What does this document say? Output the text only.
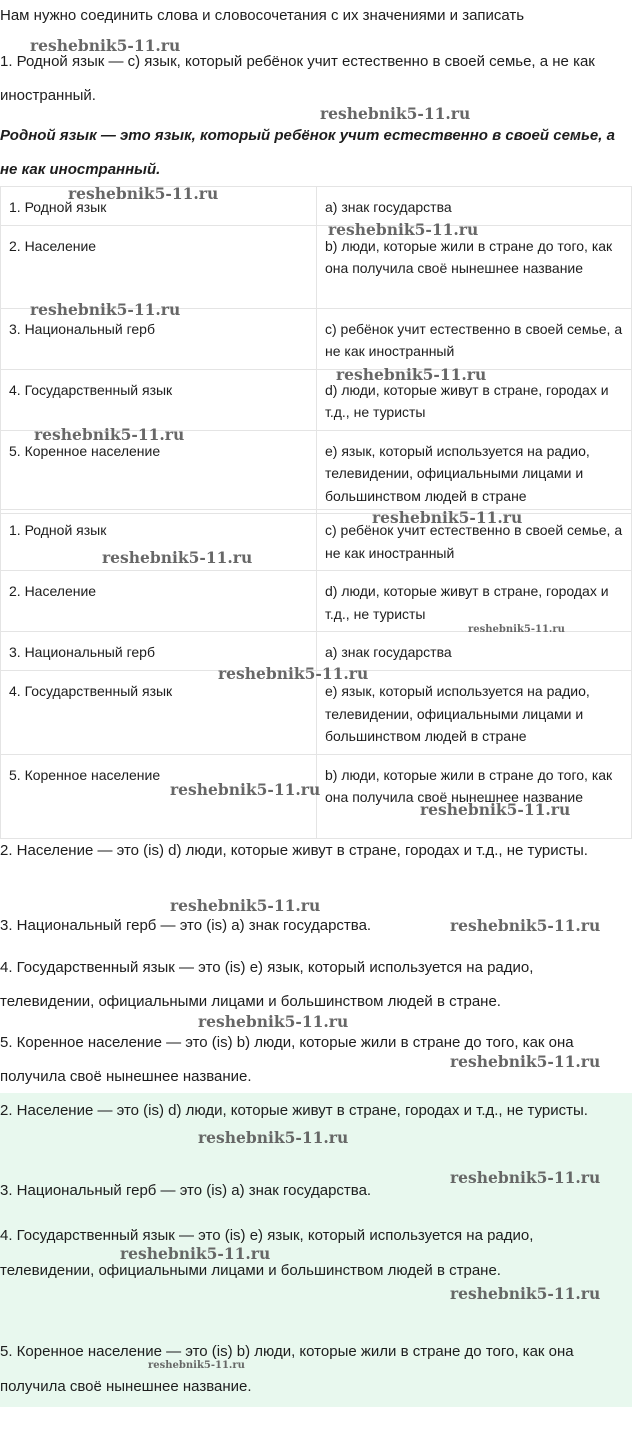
Нам нужно соединить слова и словосочетания с их значениями и записать

1. Родной язык — с) язык, который ребёнок учит естественно в своей семье, а не как иностранный.

Родной язык — это язык, который ребёнок учит естественно в своей семье, а не как иностранный.

1. Родной язык	a) знак государства
2. Население	b) люди, которые жили в стране до того, как она получила своё нынешнее название
3. Национальный герб	c) ребёнок учит естественно в своей семье, а не как иностранный
4. Государственный язык	d) люди, которые живут в стране, городах и т.д., не туристы
5. Коренное население	e) язык, который используется на радио, телевидении, официальными лицами и большинством людей в стране
1. Родной язык	c) ребёнок учит естественно в своей семье, а не как иностранный
2. Население	d) люди, которые живут в стране, городах и т.д., не туристы
3. Национальный герб	a) знак государства
4. Государственный язык	e) язык, который используется на радио, телевидении, официальными лицами и большинством людей в стране
5. Коренное население	b) люди, которые жили в стране до того, как она получила своё нынешнее название

2. Население — это (is) d) люди, которые живут в стране, городах и т.д., не туристы.

3. Национальный герб — это (is) a) знак государства.

4. Государственный язык — это (is) e) язык, который используется на радио, телевидении, официальными лицами и большинством людей в стране.

5. Коренное население — это (is) b) люди, которые жили в стране до того, как она получила своё нынешнее название.

2. Население — это (is) d) люди, которые живут в стране, городах и т.д., не туристы.

3. Национальный герб — это (is) a) знак государства.

4. Государственный язык — это (is) e) язык, который используется на радио, телевидении, официальными лицами и большинством людей в стране.

5. Коренное население — это (is) b) люди, которые жили в стране до того, как она получила своё нынешнее название.

reshebnik5-11.ru
reshebnik5-11.ru
reshebnik5-11.ru
reshebnik5-11.ru
reshebnik5-11.ru
reshebnik5-11.ru
reshebnik5-11.ru
reshebnik5-11.ru
reshebnik5-11.ru
reshebnik5-11.ru
reshebnik5-11.ru
reshebnik5-11.ru
reshebnik5-11.ru
reshebnik5-11.ru
reshebnik5-11.ru
reshebnik5-11.ru
reshebnik5-11.ru
reshebnik5-11.ru
reshebnik5-11.ru
reshebnik5-11.ru
reshebnik5-11.ru
reshebnik5-11.ru
